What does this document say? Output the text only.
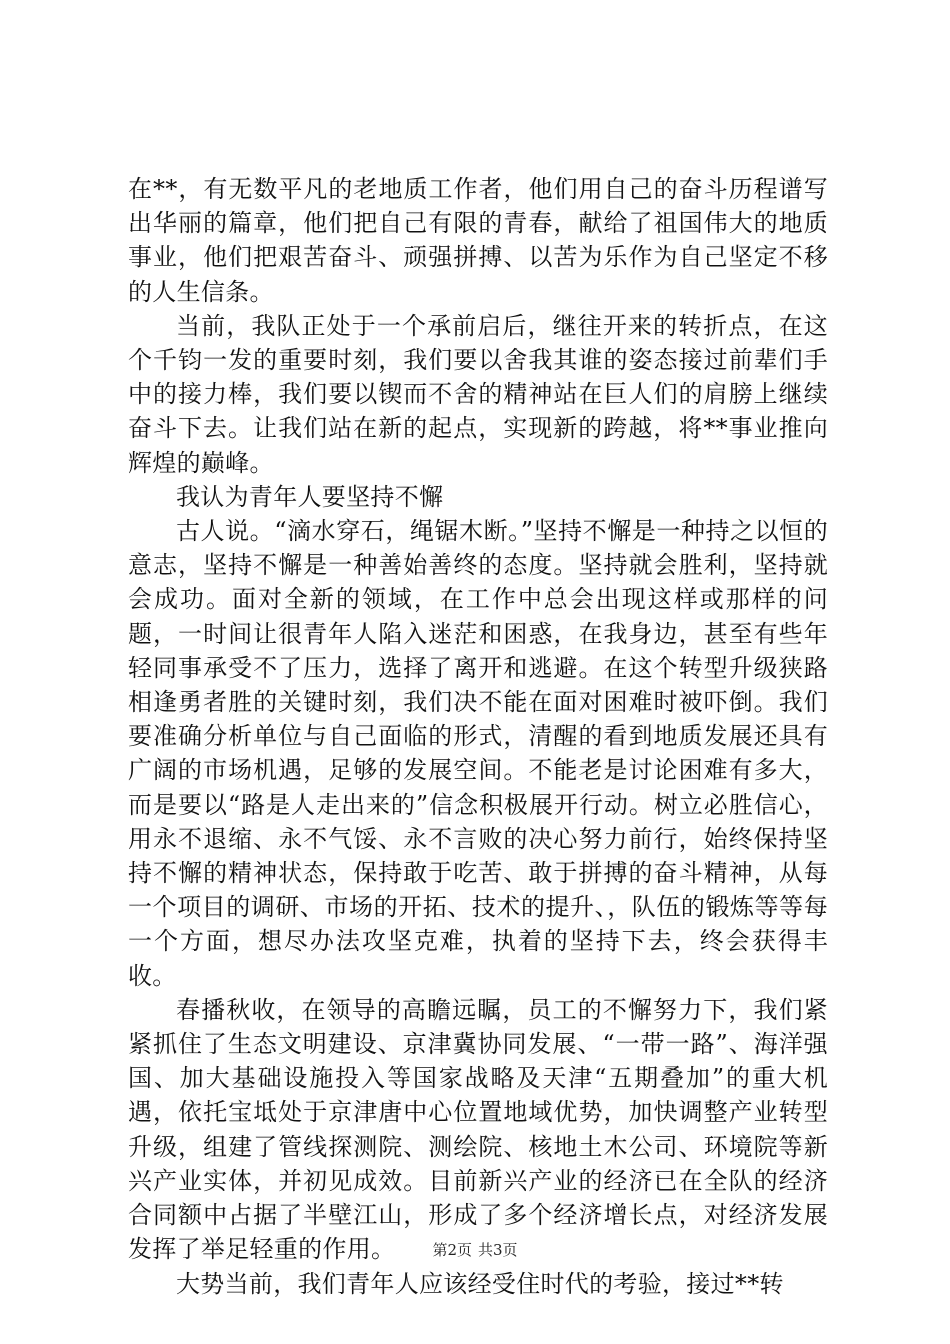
在**，有无数平凡的老地质工作者，他们用自己的奋斗历程谱写出华丽的篇章，他们把自己有限的青春，献给了祖国伟大的地质事业，他们把艰苦奋斗、顽强拼搏、以苦为乐作为自己坚定不移的人生信条。

当前，我队正处于一个承前启后，继往开来的转折点，在这个千钧一发的重要时刻，我们要以舍我其谁的姿态接过前辈们手中的接力棒，我们要以锲而不舍的精神站在巨人们的肩膀上继续奋斗下去。让我们站在新的起点，实现新的跨越，将**事业推向辉煌的巅峰。

我认为青年人要坚持不懈

古人说。“滴水穿石，绳锯木断。”坚持不懈是一种持之以恒的意志，坚持不懈是一种善始善终的态度。坚持就会胜利，坚持就会成功。面对全新的领域，在工作中总会出现这样或那样的问题，一时间让很青年人陷入迷茫和困惑，在我身边，甚至有些年轻同事承受不了压力，选择了离开和逃避。在这个转型升级狭路相逢勇者胜的关键时刻，我们决不能在面对困难时被吓倒。我们要准确分析单位与自己面临的形式，清醒的看到地质发展还具有广阔的市场机遇，足够的发展空间。不能老是讨论困难有多大，而是要以“路是人走出来的”信念积极展开行动。树立必胜信心，用永不退缩、永不气馁、永不言败的决心努力前行，始终保持坚持不懈的精神状态，保持敢于吃苦、敢于拼搏的奋斗精神，从每一个项目的调研、市场的开拓、技术的提升、，队伍的锻炼等等每一个方面，想尽办法攻坚克难，执着的坚持下去，终会获得丰收。

春播秋收，在领导的高瞻远瞩，员工的不懈努力下，我们紧紧抓住了生态文明建设、京津冀协同发展、“一带一路”、海洋强国、加大基础设施投入等国家战略及天津“五期叠加”的重大机遇，依托宝坻处于京津唐中心位置地域优势，加快调整产业转型升级，组建了管线探测院、测绘院、核地土木公司、环境院等新兴产业实体，并初见成效。目前新兴产业的经济已在全队的经济合同额中占据了半壁江山，形成了多个经济增长点，对经济发展发挥了举足轻重的作用。

大势当前，我们青年人应该经受住时代的考验，接过**转

第2页 共3页
